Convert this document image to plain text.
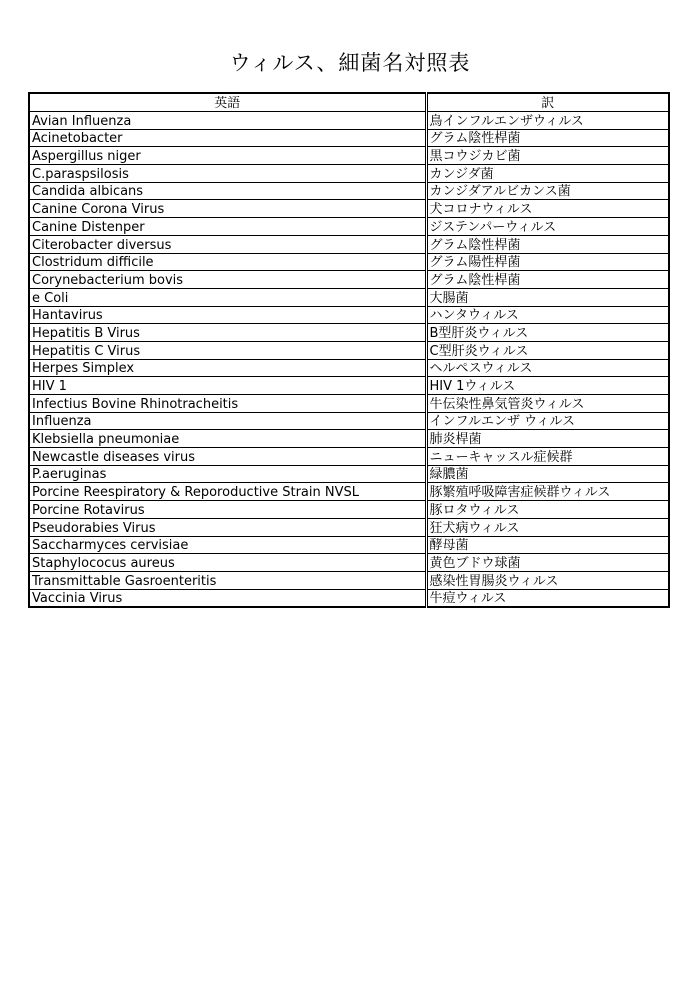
ウィルス、細菌名対照表
英語	訳
Avian Influenza	鳥インフルエンザウィルス
Acinetobacter	グラム陰性桿菌
Aspergillus niger	黒コウジカビ菌
C.paraspsilosis	カンジダ菌
Candida albicans	カンジダアルビカンス菌
Canine Corona Virus	犬コロナウィルス
Canine Distenper	ジステンパーウィルス
Citerobacter diversus	グラム陰性桿菌
Clostridum difficile	グラム陽性桿菌
Corynebacterium bovis	グラム陰性桿菌
e Coli	大腸菌
Hantavirus	ハンタウィルス
Hepatitis B Virus	B型肝炎ウィルス
Hepatitis C Virus	C型肝炎ウィルス
Herpes Simplex	ヘルペスウィルス
HIV 1	HIV 1ウィルス
Infectius Bovine Rhinotracheitis	牛伝染性鼻気管炎ウィルス
Influenza	インフルエンザ ウィルス
Klebsiella pneumoniae	肺炎桿菌
Newcastle diseases virus	ニューキャッスル症候群
P.aeruginas	緑膿菌
Porcine Reespiratory & Reporoductive Strain NVSL	豚繁殖呼吸障害症候群ウィルス
Porcine Rotavirus	豚ロタウィルス
Pseudorabies Virus	狂犬病ウィルス
Saccharmyces cervisiae	酵母菌
Staphylococus aureus	黄色ブドウ球菌
Transmittable Gasroenteritis	感染性胃腸炎ウィルス
Vaccinia Virus	牛痘ウィルス
